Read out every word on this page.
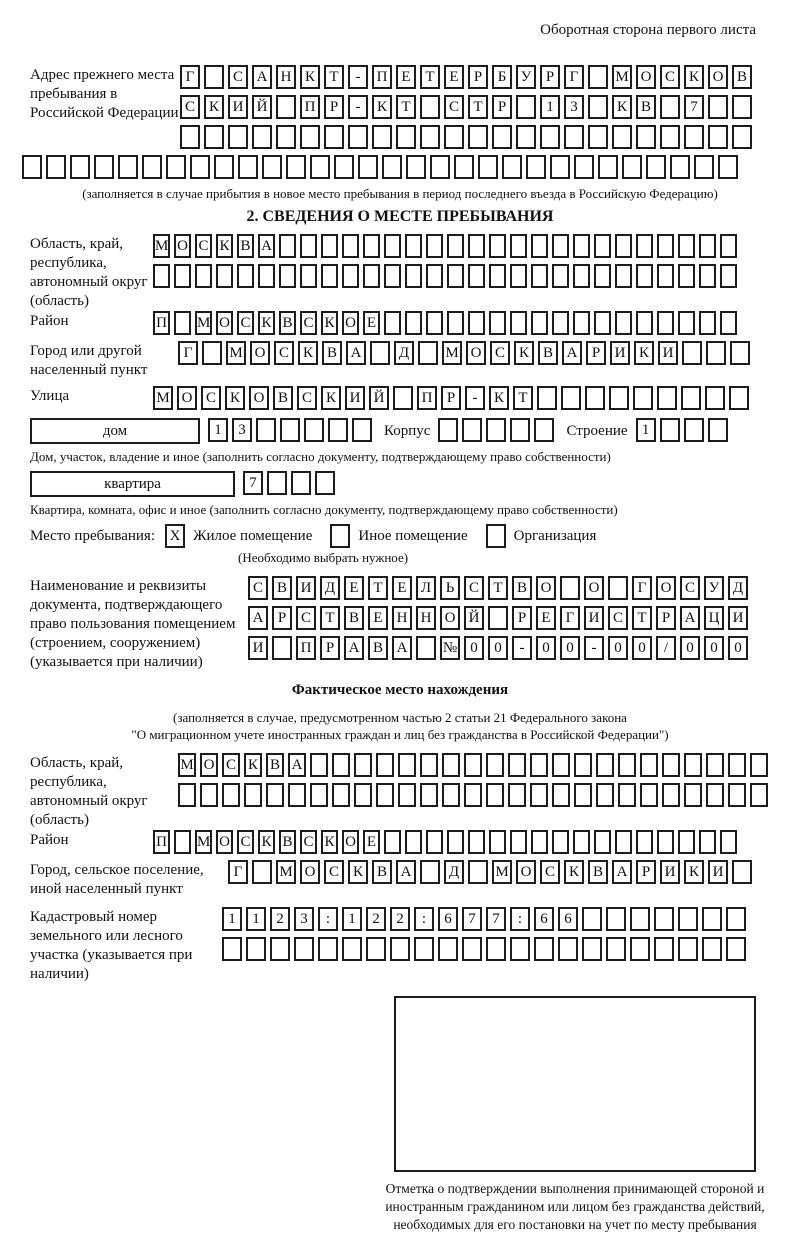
Оборотная сторона первого листа
Адрес прежнего места пребывания в Российской Федерации
Г	С А Н К Т	-	П Е Т Е	Р	Б У Р	Г	М О С К О В
С К И Й	П Р	-	К Т	С Т	Р	1	3	К В	7
(заполняется в случае прибытия в новое место пребывания в период последнего въезда в Российскую Федерацию)
2. СВЕДЕНИЯ О МЕСТЕ ПРЕБЫВАНИЯ
Область, край, республика, автономный округ (область)
М О С К В А
Район	П М О С К В С К О Е
Город или другой населенный пункт
Г	М О С К В А	Д	М О С К В А Р И К И
Улица	М О С К О В С К И Й	П Р	-	К Т
дом	1	3	Корпус	Строение 1
Дом, участок, владение и иное (заполнить согласно документу, подтверждающему право собственности)
квартира	7
Квартира, комната, офис и иное (заполнить согласно документу, подтверждающему право собственности)
Место пребывания: X Жилое помещение	Иное помещение	Организация
(Необходимо выбрать нужное)
Наименование и реквизиты документа, подтверждающего право пользования помещением (строением, сооружением) (указывается при наличии)
С В И Д Е Т Е Л Ь С Т В О	О	Г О С У Д
А Р С Т В Е Н Н О Й	Р	Е	Г И С Т	Р А Ц И
И	П Р А В А	№ 0	0	-	0	0	-	0	0	/	0	0	0
Фактическое место нахождения
(заполняется в случае, предусмотренном частью 2 статьи 21 Федерального закона
"О миграционном учете иностранных граждан и лиц без гражданства в Российской Федерации")
Область, край, республика, автономный округ (область)
М О С К В А
Район	П М О С К В С К О Е
Город, сельское поселение, иной населенный пункт
Г	М О С К В А	Д	М О С К В А Р И К И
Кадастровый номер земельного или лесного участка (указывается при наличии)
1	1	2	3	:	1	2	2	:	6	7	7	:	6	6
Отметка о подтверждении выполнения принимающей стороной и иностранным гражданином или лицом без гражданства действий, необходимых для его постановки на учет по месту пребывания
